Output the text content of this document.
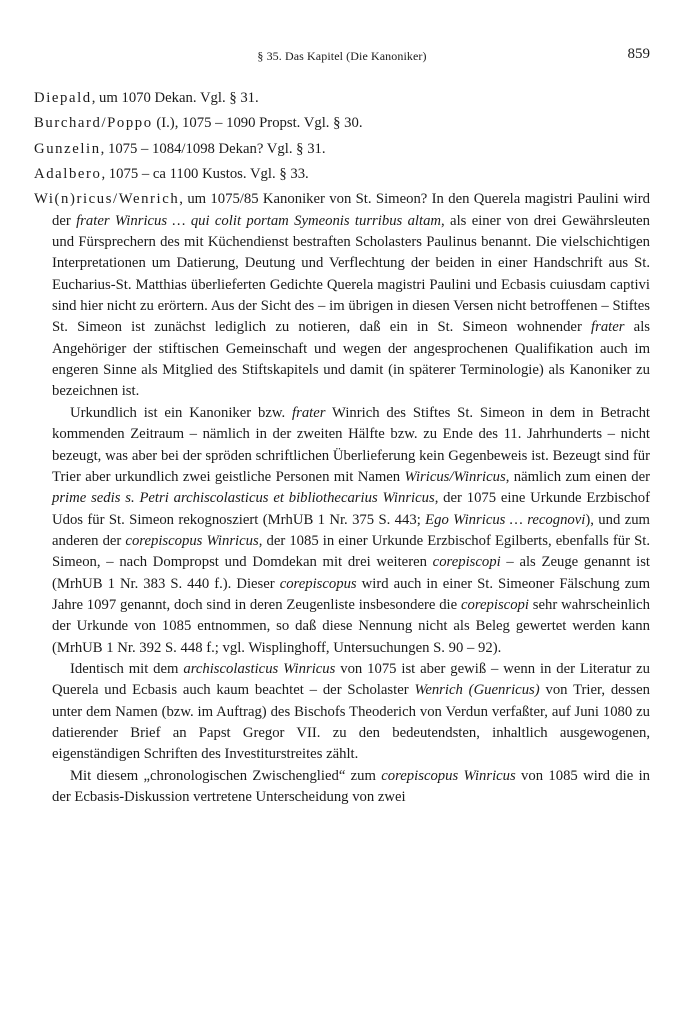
§ 35. Das Kapitel (Die Kanoniker)	859

Diepald, um 1070 Dekan. Vgl. § 31.

Burchard/Poppo (I.), 1075 – 1090 Propst. Vgl. § 30.

Gunzelin, 1075 – 1084/1098 Dekan? Vgl. § 31.

Adalbero, 1075 – ca 1100 Kustos. Vgl. § 33.

Wi(n)ricus/Wenrich, um 1075/85 Kanoniker von St. Simeon? In den Querela magistri Paulini wird der frater Winricus … qui colit portam Symeonis turribus altam, als einer von drei Gewährsleuten und Fürsprechern des mit Küchendienst bestraften Scholasters Paulinus benannt. Die vielschichtigen Interpretationen um Datierung, Deutung und Verflechtung der beiden in einer Handschrift aus St. Eucharius-St. Matthias überlieferten Gedichte Querela magistri Paulini und Ecbasis cuiusdam captivi sind hier nicht zu erörtern. Aus der Sicht des – im übrigen in diesen Versen nicht betroffenen – Stiftes St. Simeon ist zunächst lediglich zu notieren, daß ein in St. Simeon wohnender frater als Angehöriger der stiftischen Gemeinschaft und wegen der angesprochenen Qualifikation auch im engeren Sinne als Mitglied des Stiftskapitels und damit (in späterer Terminologie) als Kanoniker zu bezeichnen ist.

Urkundlich ist ein Kanoniker bzw. frater Winrich des Stiftes St. Simeon in dem in Betracht kommenden Zeitraum – nämlich in der zweiten Hälfte bzw. zu Ende des 11. Jahrhunderts – nicht bezeugt, was aber bei der spröden schriftlichen Überlieferung kein Gegenbeweis ist. Bezeugt sind für Trier aber urkundlich zwei geistliche Personen mit Namen Wiricus/Winricus, nämlich zum einen der prime sedis s. Petri archiscolasticus et bibliothecarius Winricus, der 1075 eine Urkunde Erzbischof Udos für St. Simeon rekognosziert (MrhUB 1 Nr. 375 S. 443; Ego Winricus … recognovi), und zum anderen der corepiscopus Winricus, der 1085 in einer Urkunde Erzbischof Egilberts, ebenfalls für St. Simeon, – nach Dompropst und Domdekan mit drei weiteren corepiscopi – als Zeuge genannt ist (MrhUB 1 Nr. 383 S. 440 f.). Dieser corepiscopus wird auch in einer St. Simeoner Fälschung zum Jahre 1097 genannt, doch sind in deren Zeugenliste insbesondere die corepiscopi sehr wahrscheinlich der Urkunde von 1085 entnommen, so daß diese Nennung nicht als Beleg gewertet werden kann (MrhUB 1 Nr. 392 S. 448 f.; vgl. Wisplinghoff, Untersuchungen S. 90 – 92).

Identisch mit dem archiscolasticus Winricus von 1075 ist aber gewiß – wenn in der Literatur zu Querela und Ecbasis auch kaum beachtet – der Scholaster Wenrich (Guenricus) von Trier, dessen unter dem Namen (bzw. im Auftrag) des Bischofs Theoderich von Verdun verfaßter, auf Juni 1080 zu datierender Brief an Papst Gregor VII. zu den bedeutendsten, inhaltlich ausgewogenen, eigenständigen Schriften des Investiturstreites zählt.

Mit diesem „chronologischen Zwischenglied“ zum corepiscopus Winricus von 1085 wird die in der Ecbasis-Diskussion vertretene Unterscheidung von zwei
